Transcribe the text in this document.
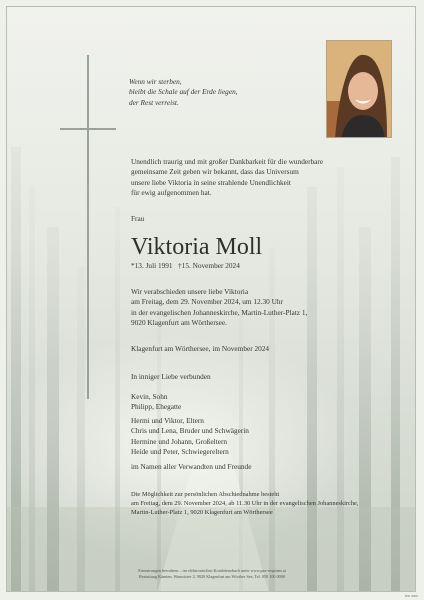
Wenn wir sterben,

bleibt die Schale auf der Erde liegen,

der Rest verreist.

Unendlich traurig und mit großer Dankbarkeit für die wunderbare

gemeinsame Zeit geben wir bekannt, dass das Universum

unsere liebe Viktoria in seine strahlende Unendlichkeit

für ewig aufgenommen hat.

Frau

Viktoria Moll

*13. Juli 1991   †15. November 2024

Wir verabschieden unsere liebe Viktoria

am Freitag, dem 29. November 2024, um 12.30 Uhr

in der evangelischen Johanneskirche, Martin-Luther-Platz 1,

9020 Klagenfurt am Wörthersee.

Klagenfurt am Wörthersee, im November 2024

In inniger Liebe verbunden

Kevin, Sohn

Philipp, Ehegatte

Hermi und Viktor, Eltern

Chris und Lena, Bruder und Schwägerin

Hermine und Johann, Großeltern

Heide und Peter, Schwiegereltern

im Namen aller Verwandten und Freunde

Die Möglichkeit zur persönlichen Abschiednahme besteht

am Freitag, dem 29. November 2024, ab 11.30 Uhr in der evangelischen Johanneskirche,

Martin-Luther-Platz 1, 9020 Klagenfurt am Wörthersee

Erinnerungen bewahren – im elektronischen Kondolenzbuch unter www.pax-requiem.at

Bestattung Kärnten, Wauwitzer 2, 9020 Klagenfurt am Wörther See, Tel. 050 100 0000

IEP 9000
